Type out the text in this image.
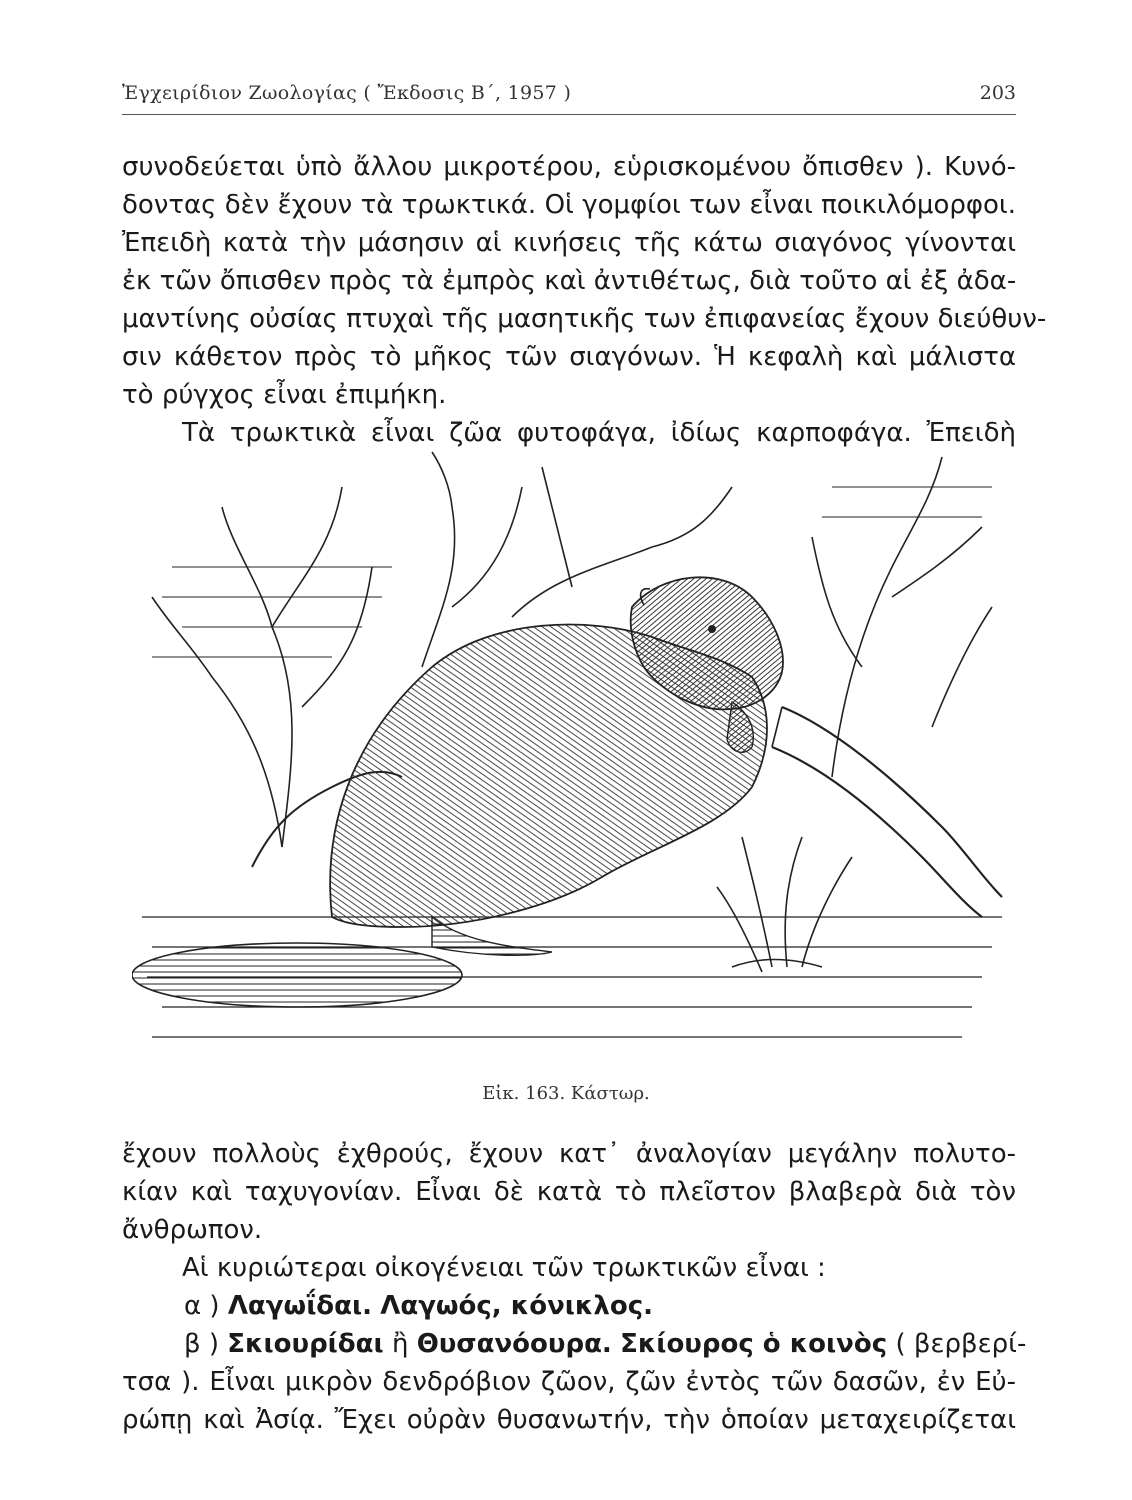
Ἐγχειρίδιον Ζωολογίας ( Ἔκδοσις Β΄, 1957 )	203
συνοδεύεται ὑπὸ ἄλλου μικροτέρου, εὑρισκομένου ὄπισθεν ). Κυνό-
δοντας δὲν ἔχουν τὰ τρωκτικά. Οἱ γομφίοι των εἶναι ποικιλόμορφοι.
Ἐπειδὴ κατὰ τὴν μάσησιν αἱ κινήσεις τῆς κάτω σιαγόνος γίνονται
ἐκ τῶν ὄπισθεν πρὸς τὰ ἐμπρὸς καὶ ἀντιθέτως, διὰ τοῦτο αἱ ἐξ ἀδα-
μαντίνης οὐσίας πτυχαὶ τῆς μασητικῆς των ἐπιφανείας ἔχουν διεύθυν-
σιν κάθετον πρὸς τὸ μῆκος τῶν σιαγόνων. Ἡ κεφαλὴ καὶ μάλιστα
τὸ ρύγχος εἶναι ἐπιμήκη.
Τὰ τρωκτικὰ εἶναι ζῶα φυτοφάγα, ἰδίως καρποφάγα. Ἐπειδὴ
Εἰκ. 163. Κάστωρ.
ἔχουν πολλοὺς ἐχθρούς, ἔχουν κατ᾽ ἀναλογίαν μεγάλην πολυτο-
κίαν καὶ ταχυγονίαν. Εἶναι δὲ κατὰ τὸ πλεῖστον βλαβερὰ διὰ τὸν
ἄνθρωπον.
Αἱ κυριώτεραι οἰκογένειαι τῶν τρωκτικῶν εἶναι :
α ) Λαγωΐδαι. Λαγωός, κόνικλος.
β ) Σκιουρίδαι ἢ Θυσανόουρα. Σκίουρος ὁ κοινὸς ( βερβερί-
τσα ). Εἶναι μικρὸν δενδρόβιον ζῶον, ζῶν ἐντὸς τῶν δασῶν, ἐν Εὐ-
ρώπῃ καὶ Ἀσίᾳ. Ἔχει οὐρὰν θυσανωτήν, τὴν ὁποίαν μεταχειρίζεται
